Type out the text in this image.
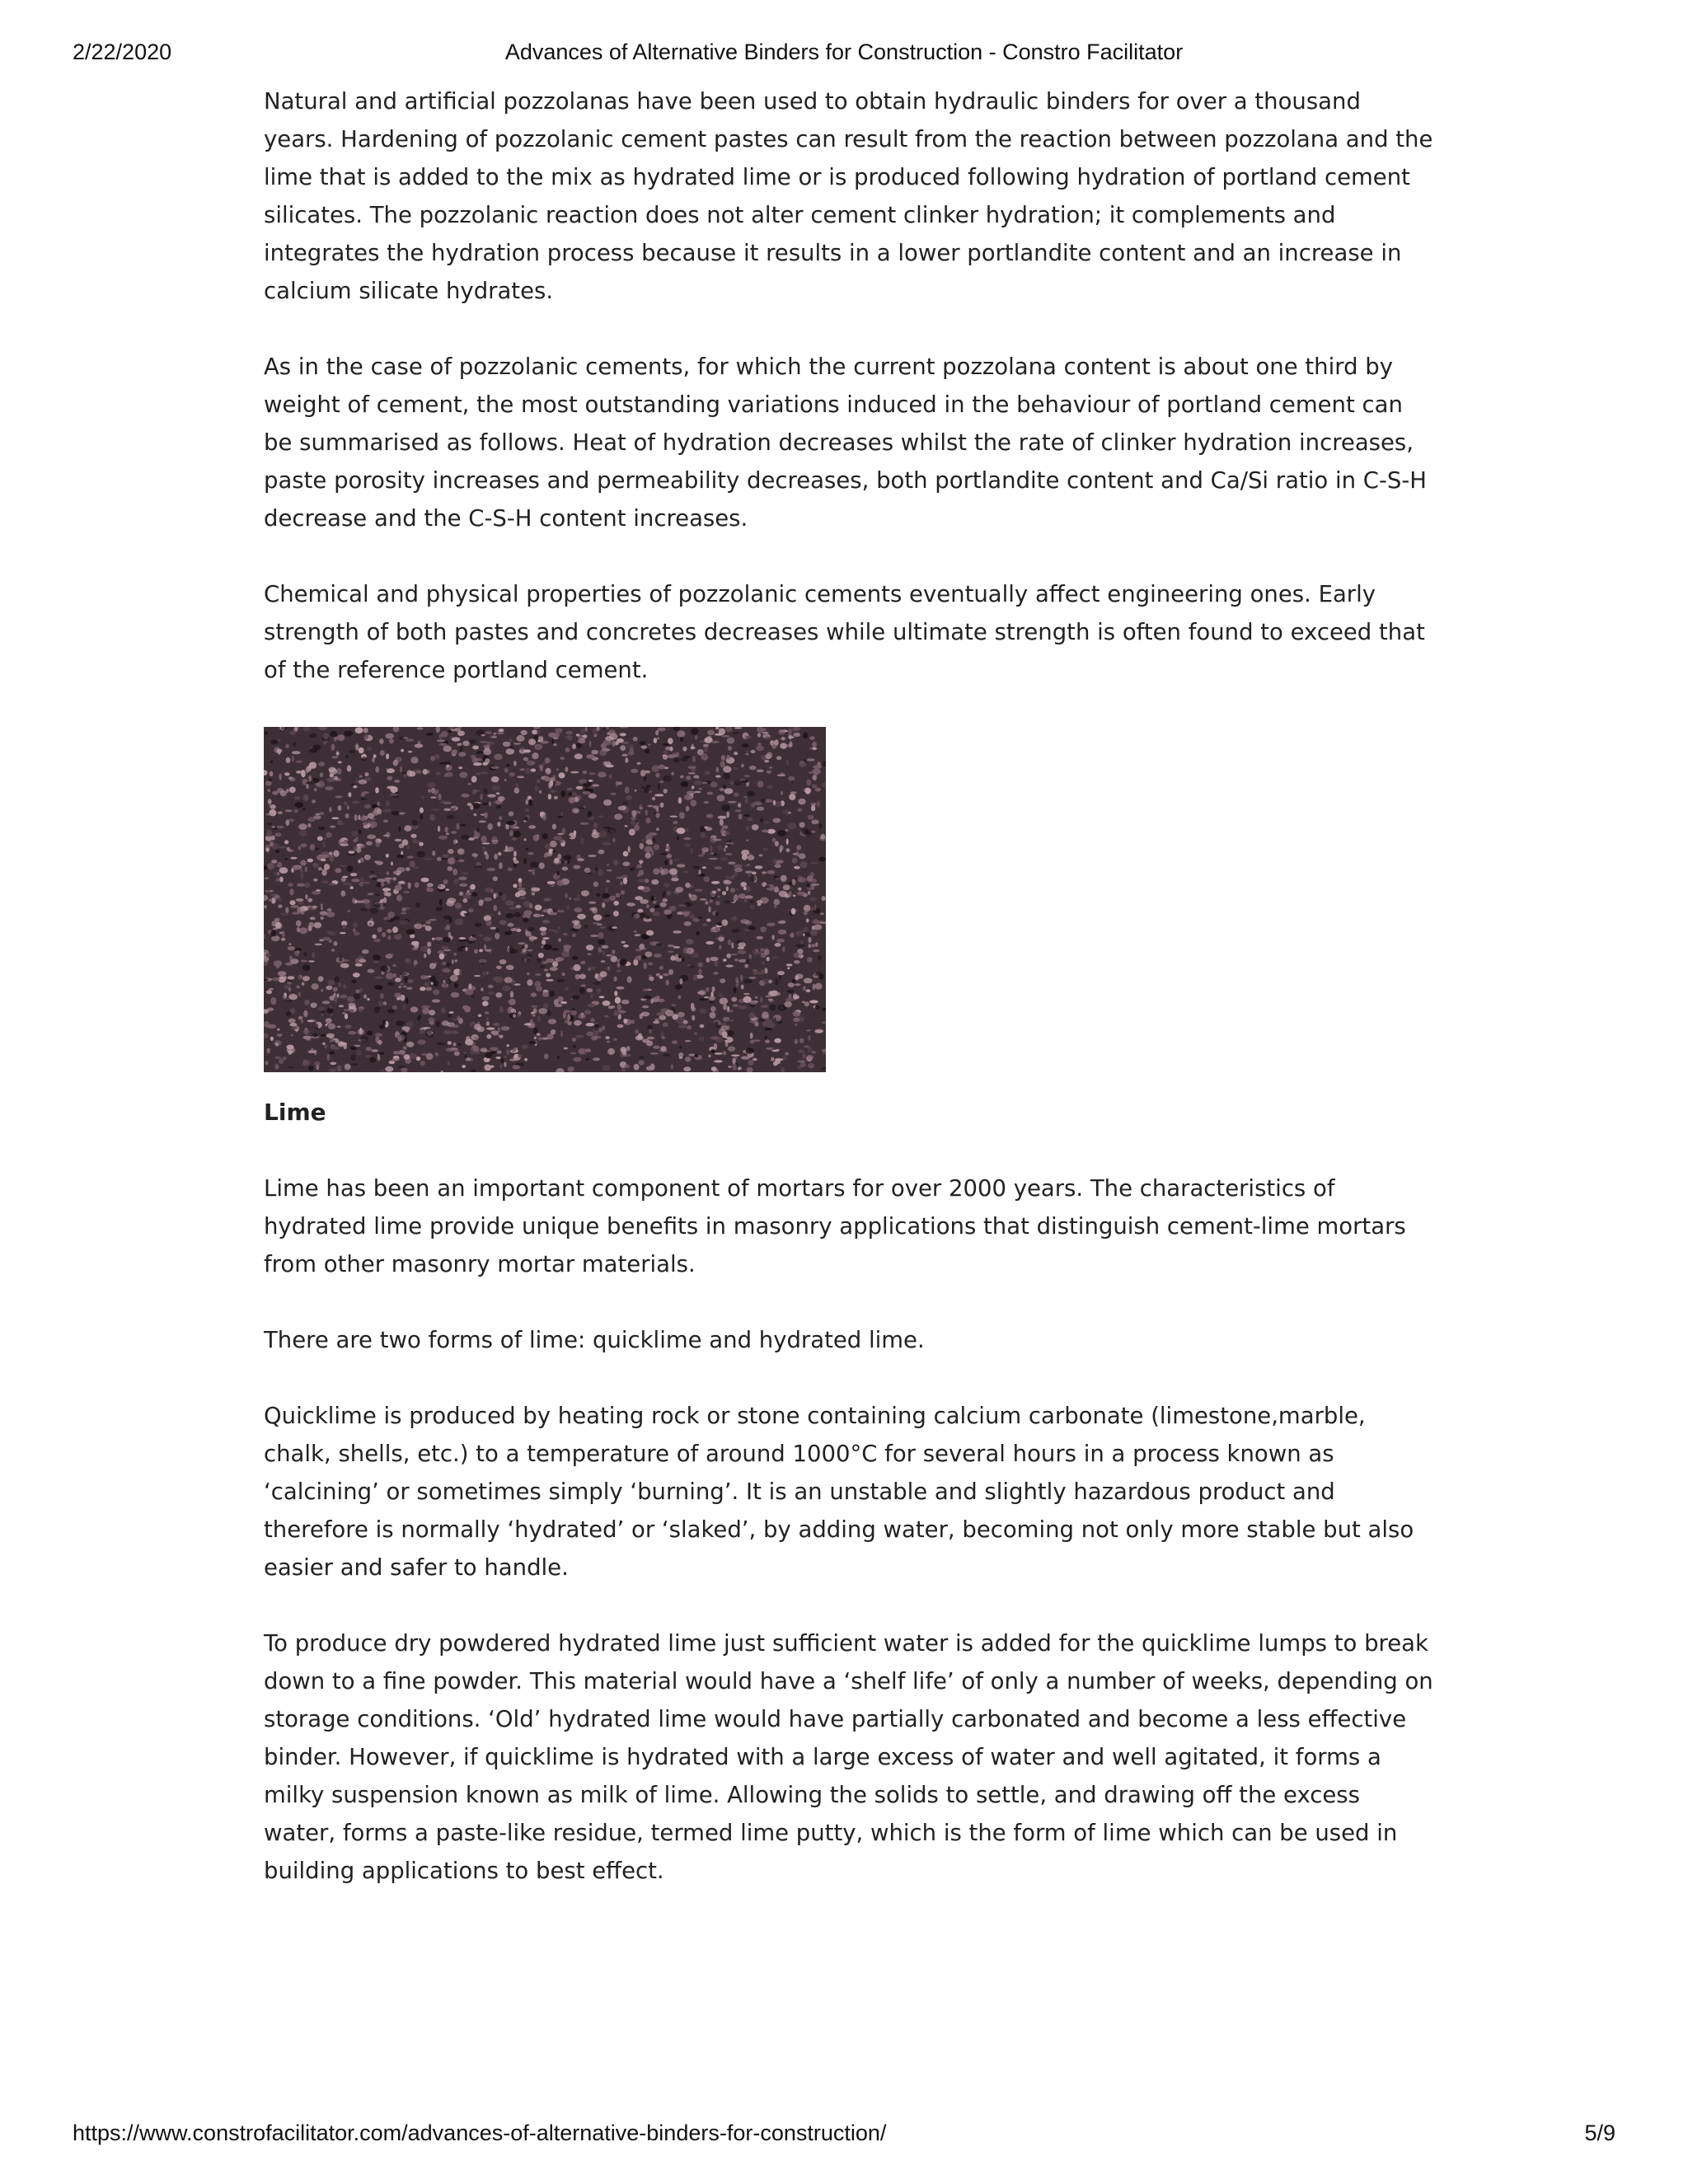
2/22/2020	Advances of Alternative Binders for Construction - Constro Facilitator

Natural and artificial pozzolanas have been used to obtain hydraulic binders for over a thousand years. Hardening of pozzolanic cement pastes can result from the reaction between pozzolana and the lime that is added to the mix as hydrated lime or is produced following hydration of portland cement silicates. The pozzolanic reaction does not alter cement clinker hydration; it complements and integrates the hydration process because it results in a lower portlandite content and an increase in calcium silicate hydrates.

As in the case of pozzolanic cements, for which the current pozzolana content is about one third by weight of cement, the most outstanding variations induced in the behaviour of portland cement can be summarised as follows. Heat of hydration decreases whilst the rate of clinker hydration increases, paste porosity increases and permeability decreases, both portlandite content and Ca/Si ratio in C-S-H decrease and the C-S-H content increases.

Chemical and physical properties of pozzolanic cements eventually affect engineering ones. Early strength of both pastes and concretes decreases while ultimate strength is often found to exceed that of the reference portland cement.

Lime

Lime has been an important component of mortars for over 2000 years. The characteristics of hydrated lime provide unique benefits in masonry applications that distinguish cement-lime mortars from other masonry mortar materials.

There are two forms of lime: quicklime and hydrated lime.

Quicklime is produced by heating rock or stone containing calcium carbonate (limestone,marble, chalk, shells, etc.) to a temperature of around 1000°C for several hours in a process known as ‘calcining’ or sometimes simply ‘burning’. It is an unstable and slightly hazardous product and therefore is normally ‘hydrated’ or ‘slaked’, by adding water, becoming not only more stable but also easier and safer to handle.

To produce dry powdered hydrated lime just sufficient water is added for the quicklime lumps to break down to a fine powder. This material would have a ‘shelf life’ of only a number of weeks, depending on storage conditions. ‘Old’ hydrated lime would have partially carbonated and become a less effective binder. However, if quicklime is hydrated with a large excess of water and well agitated, it forms a milky suspension known as milk of lime. Allowing the solids to settle, and drawing off the excess water, forms a paste-like residue, termed lime putty, which is the form of lime which can be used in building applications to best effect.

https://www.constrofacilitator.com/advances-of-alternative-binders-for-construction/	5/9
